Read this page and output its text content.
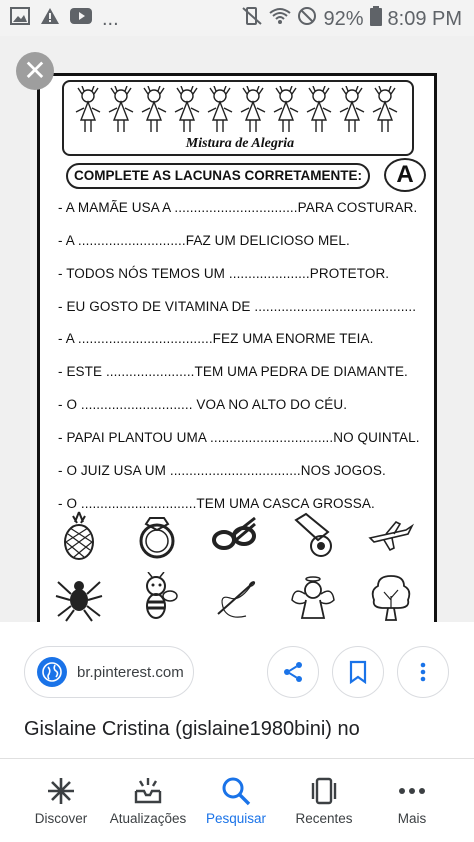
...	92% 8:09 PM
Mistura de Alegria
COMPLETE AS LACUNAS CORRETAMENTE:	A
- A MAMÃE USA A ................................PARA COSTURAR.
- A ............................FAZ UM DELICIOSO MEL.
- TODOS NÓS TEMOS UM .....................PROTETOR.
- EU GOSTO DE VITAMINA DE ..........................................
- A ...................................FEZ UMA ENORME TEIA.
- ESTE .......................TEM UMA PEDRA DE DIAMANTE.
- O ............................. VOA NO ALTO DO CÉU.
- PAPAI PLANTOU UMA ................................NO QUINTAL.
- O JUIZ USA UM ..................................NOS JOGOS.
- O ..............................TEM UMA CASCA GROSSA.
✕
br.pinterest.com
Gislaine Cristina (gislaine1980bini) no
Discover	Atualizações	Pesquisar	Recentes	Mais
